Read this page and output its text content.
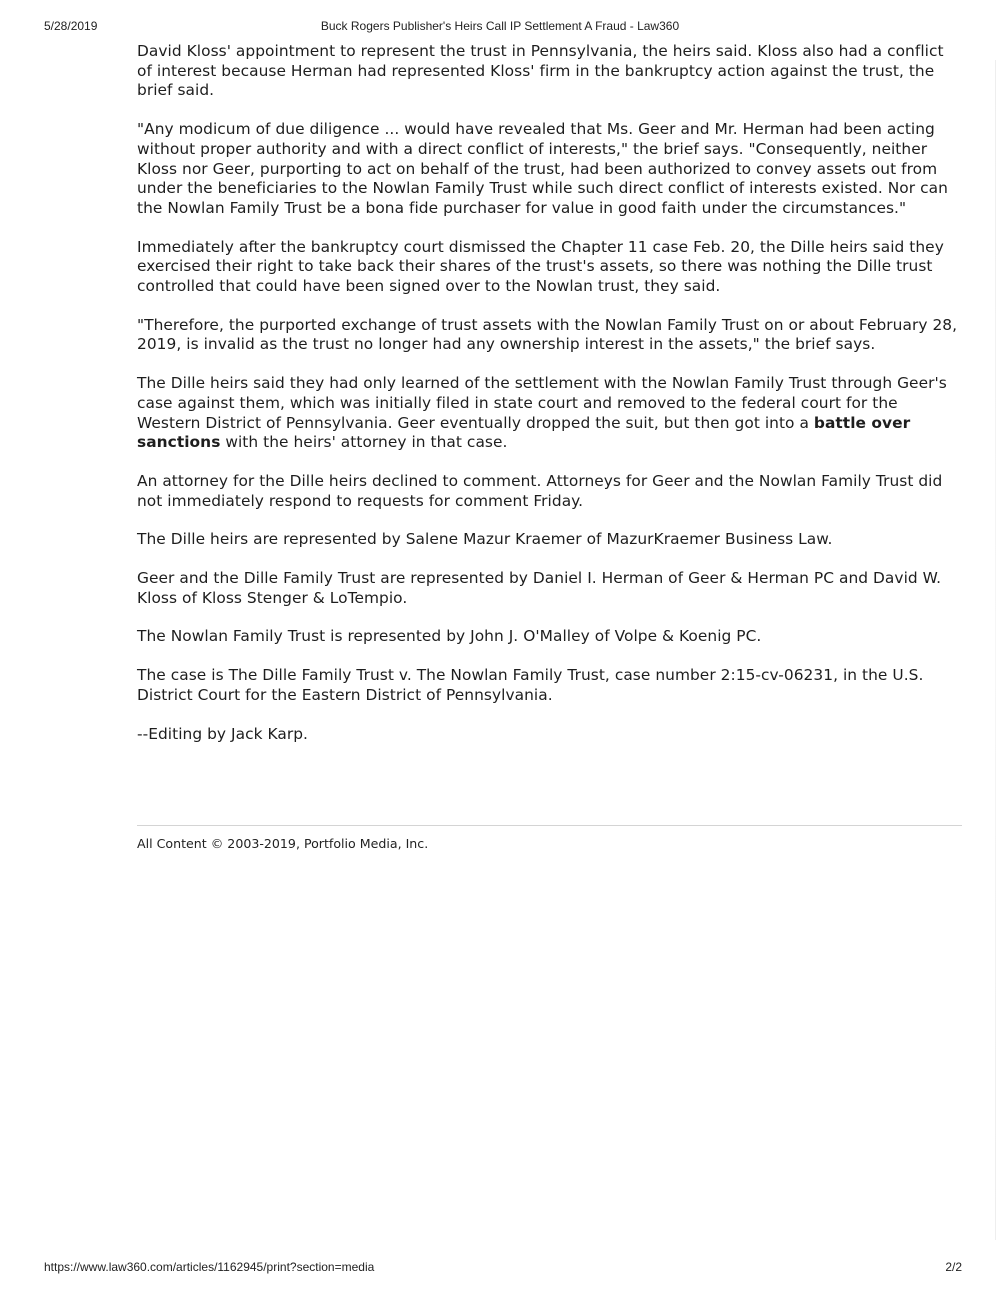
5/28/2019	Buck Rogers Publisher's Heirs Call IP Settlement A Fraud - Law360

David Kloss' appointment to represent the trust in Pennsylvania, the heirs said. Kloss also had a conflict of interest because Herman had represented Kloss' firm in the bankruptcy action against the trust, the brief said.

"Any modicum of due diligence ... would have revealed that Ms. Geer and Mr. Herman had been acting without proper authority and with a direct conflict of interests," the brief says. "Consequently, neither Kloss nor Geer, purporting to act on behalf of the trust, had been authorized to convey assets out from under the beneficiaries to the Nowlan Family Trust while such direct conflict of interests existed. Nor can the Nowlan Family Trust be a bona fide purchaser for value in good faith under the circumstances."

Immediately after the bankruptcy court dismissed the Chapter 11 case Feb. 20, the Dille heirs said they exercised their right to take back their shares of the trust's assets, so there was nothing the Dille trust controlled that could have been signed over to the Nowlan trust, they said.

"Therefore, the purported exchange of trust assets with the Nowlan Family Trust on or about February 28, 2019, is invalid as the trust no longer had any ownership interest in the assets," the brief says.

The Dille heirs said they had only learned of the settlement with the Nowlan Family Trust through Geer's case against them, which was initially filed in state court and removed to the federal court for the Western District of Pennsylvania. Geer eventually dropped the suit, but then got into a battle over sanctions with the heirs' attorney in that case.

An attorney for the Dille heirs declined to comment. Attorneys for Geer and the Nowlan Family Trust did not immediately respond to requests for comment Friday.

The Dille heirs are represented by Salene Mazur Kraemer of MazurKraemer Business Law.

Geer and the Dille Family Trust are represented by Daniel I. Herman of Geer & Herman PC and David W. Kloss of Kloss Stenger & LoTempio.

The Nowlan Family Trust is represented by John J. O'Malley of Volpe & Koenig PC.

The case is The Dille Family Trust v. The Nowlan Family Trust, case number 2:15-cv-06231, in the U.S. District Court for the Eastern District of Pennsylvania.

--Editing by Jack Karp.

All Content © 2003-2019, Portfolio Media, Inc.
https://www.law360.com/articles/1162945/print?section=media	2/2
